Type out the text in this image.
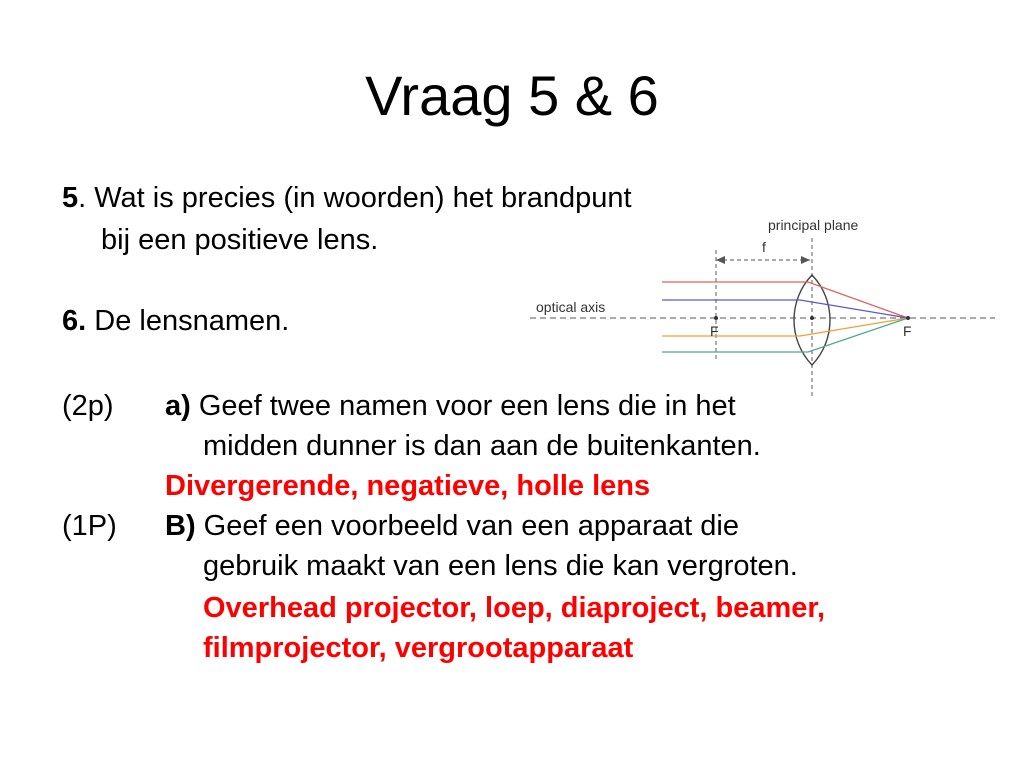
Vraag 5 & 6
5. Wat is precies (in woorden) het brandpunt
bij een positieve lens.
6. De lensnamen.
principal plane
f
optical axis
F	F
(2p) a) Geef twee namen voor een lens die in het
midden dunner is dan aan de buitenkanten.
Divergerende, negatieve, holle lens
(1P) B) Geef een voorbeeld van een apparaat die
gebruik maakt van een lens die kan vergroten.
Overhead projector, loep, diaproject, beamer,
filmprojector, vergrootapparaat
